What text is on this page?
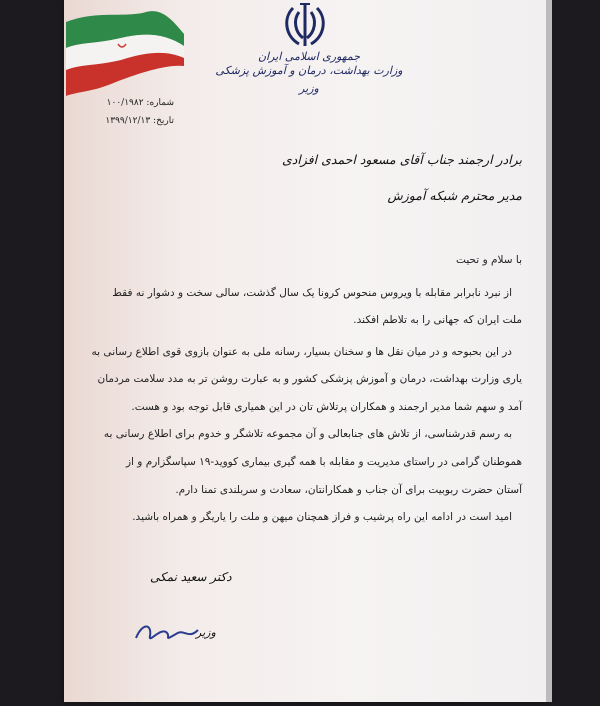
جمهوری اسلامی ایران
وزارت بهداشت، درمان و آموزش پزشکی
وزیر
شماره: ۱۰۰/۱۹۸۲
تاریخ: ۱۳۹۹/۱۲/۱۳
برادر ارجمند جناب آقای مسعود احمدی افزادی
مدیر محترم شبکه آموزش
با سلام و تحیت
از نبرد نابرابر مقابله با ویروس منحوس کرونا یک سال گذشت، سالی سخت و دشوار نه فقط
ملت ایران که جهانی را به تلاطم افکند.
در این بحبوحه و در میان نقل ها و سخنان بسیار، رسانه ملی به عنوان بازوی قوی اطلاع رسانی به
یاری وزارت بهداشت، درمان و آموزش پزشکی کشور و به عبارت روشن تر به مدد سلامت مردمان
آمد و سهم شما مدیر ارجمند و همکاران پرتلاش تان در این همیاری قابل توجه بود و هست.
به رسم قدرشناسی، از تلاش های جنابعالی و آن مجموعه تلاشگر و خدوم برای اطلاع رسانی به
هموطنان گرامی در راستای مدیریت و مقابله با همه گیری بیماری کووید-۱۹ سپاسگزارم و از
آستان حضرت ربوبیت برای آن جناب و همکارانتان، سعادت و سربلندی تمنا دارم.
امید است در ادامه این راه پرشیب و فراز همچنان میهن و ملت را یاریگر و همراه باشید.
دکتر سعید نمکی
وزیر
